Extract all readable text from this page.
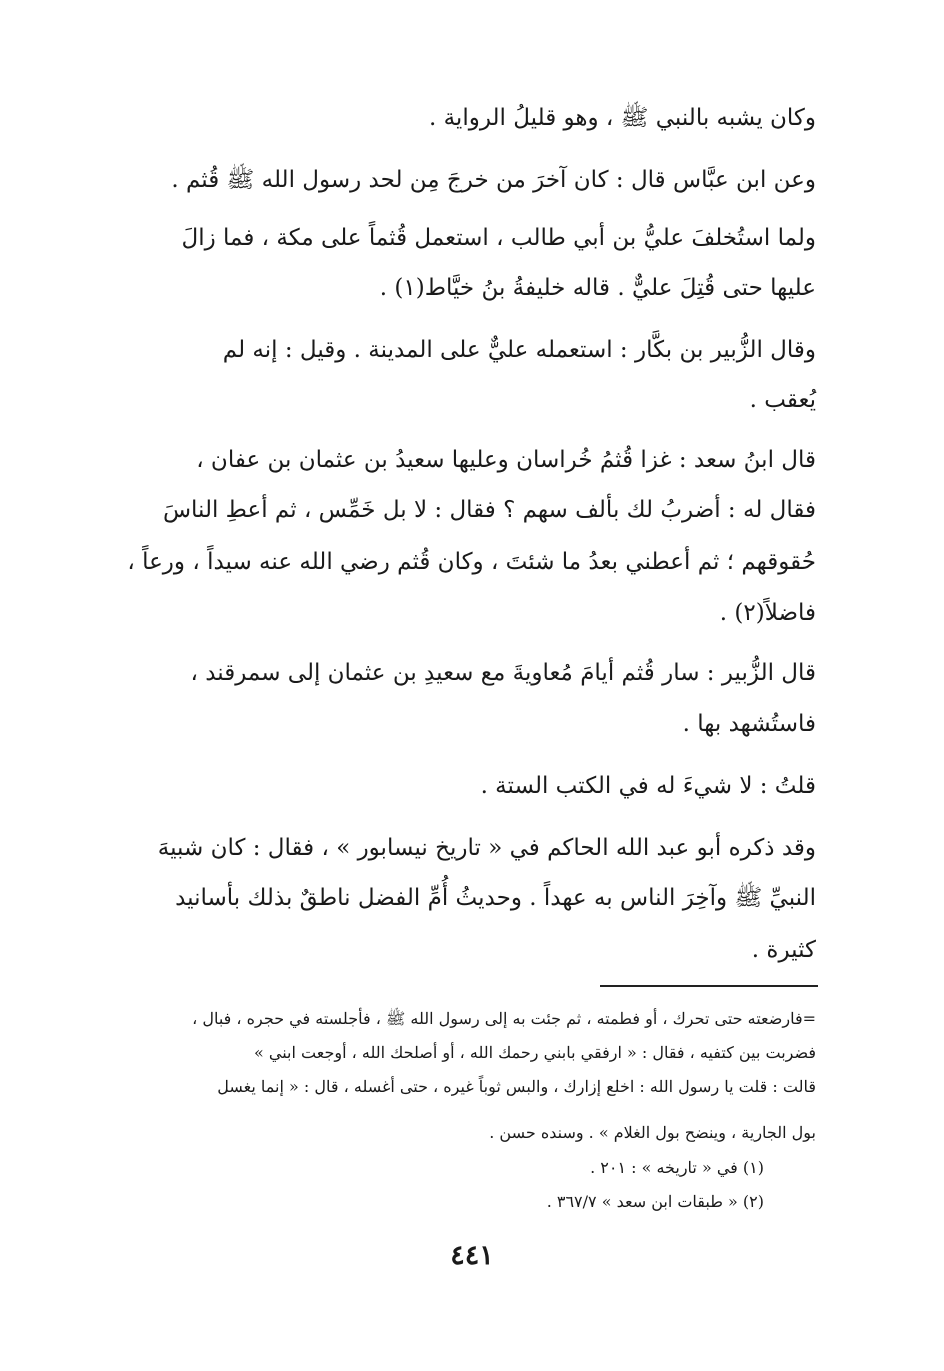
وكان يشبه بالنبي ﷺ ، وهو قليلُ الرواية .
وعن ابن عبَّاس قال : كان آخرَ من خرجَ مِن لحد رسول الله ﷺ قُثم .
ولما استُخلفَ عليُّ بن أبي طالب ، استعمل قُثماً على مكة ، فما زالَ
عليها حتى قُتِلَ عليٌّ . قاله خليفةُ بنُ خيَّاط(١) .
وقال الزُّبير بن بكَّار : استعمله عليٌّ على المدينة . وقيل : إنه لم
يُعقب .
قال ابنُ سعد : غزا قُثمُ خُراسان وعليها سعيدُ بن عثمان بن عفان ،
فقال له : أضربُ لك بألف سهم ؟ فقال : لا بل خَمِّس ، ثم أعطِ الناسَ
حُقوقهم ؛ ثم أعطني بعدُ ما شئتَ ، وكان قُثم رضي الله عنه سيداً ، ورعاً ،
فاضلاً(٢) .
قال الزُّبير : سار قُثم أيامَ مُعاويةَ مع سعيدِ بن عثمان إلى سمرقند ،
فاستُشهد بها .
قلتُ : لا شيءَ له في الكتب الستة .
وقد ذكره أبو عبد الله الحاكم في « تاريخ نيسابور » ، فقال : كان شبيهَ
النبيِّ ﷺ وآخِرَ الناس به عهداً . وحديثُ أُمِّ الفضل ناطقٌ بذلك بأسانيد
كثيرة .
=فارضعته حتى تحرك ، أو فطمته ، ثم جئت به إلى رسول الله ﷺ ، فأجلسته في حجره ، فبال ،
فضربت بين كتفيه ، فقال : « ارفقي بابني رحمك الله ، أو أصلحك الله ، أوجعت ابني »
قالت : قلت يا رسول الله : اخلع إزارك ، والبس ثوباً غيره ، حتى أغسله ، قال : « إنما يغسل
بول الجارية ، وينضح بول الغلام » . وسنده حسن .
(١) في « تاريخه » : ٢٠١ .
(٢) « طبقات ابن سعد » ٣٦٧/٧ .
٤٤١
